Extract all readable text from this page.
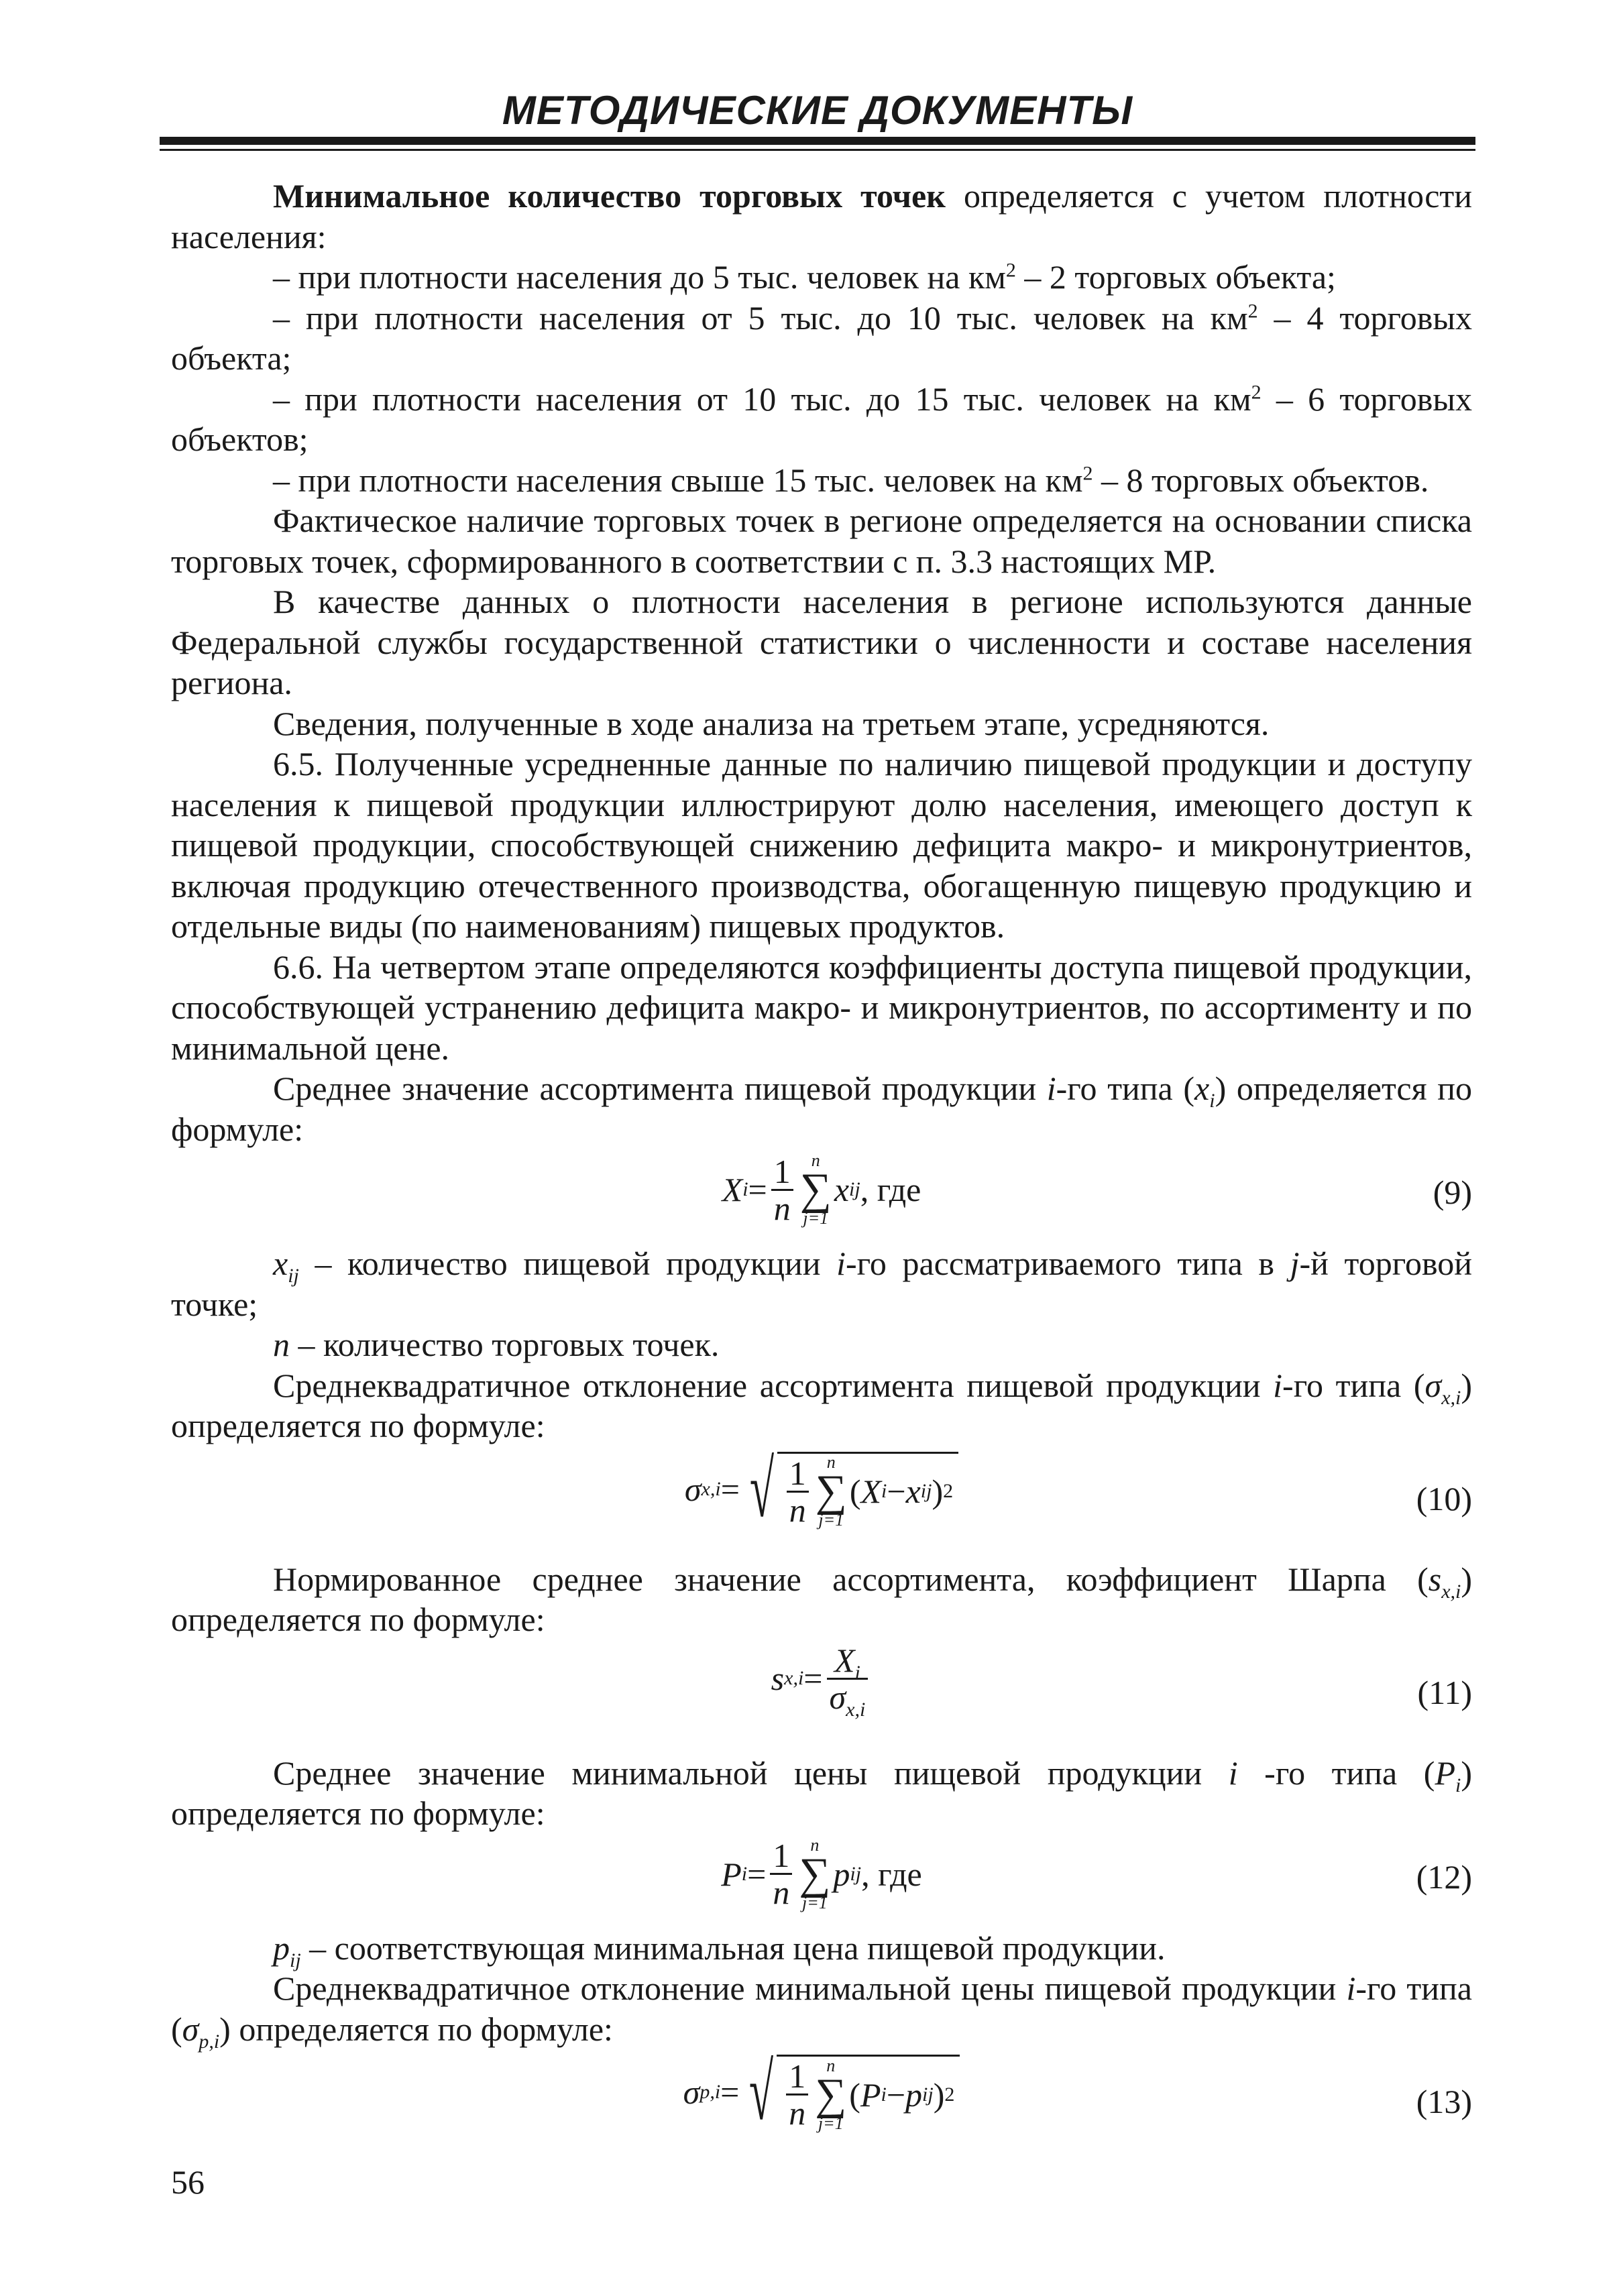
МЕТОДИЧЕСКИЕ ДОКУМЕНТЫ

Минимальное количество торговых точек определяется с учетом плотности населения:

– при плотности населения до 5 тыс. человек на $км^2 - 2$ торговых объекта;

– при плотности населения от 5 тыс. до 10 тыс. человек на $км^2 - 4$ торговых объекта;

– при плотности населения от 10 тыс. до 15 тыс. человек на $км^2 - 6$ торговых объектов;

– при плотности населения свыше 15 тыс. человек на $км^2 - 8$ торговых объектов.

Фактическое наличие торговых точек в регионе определяется на основании списка торговых точек, сформированного в соответствии с п. 3.3 настоящих МР.

В качестве данных о плотности населения в регионе используются данные Федеральной службы государственной статистики о численности и составе населения региона.

Сведения, полученные в ходе анализа на третьем этапе, усредняются.

6.5. Полученные усредненные данные по наличию пищевой продукции и доступу населения к пищевой продукции иллюстрируют долю населения, имеющего доступ к пищевой продукции, способствующей снижению дефицита макро- и микронутриентов, включая продукцию отечественного производства, обогащенную пищевую продукцию и отдельные виды (по наименованиям) пищевых продуктов.

6.6. На четвертом этапе определяются коэффициенты доступа пищевой продукции, способствующей устранению дефицита макро- и микронутриентов, по ассортименту и по минимальной цене.

Среднее значение ассортимента пищевой продукции i-го типа $(x_i)$ определяется по формуле:

X $i = \frac{1}{n}$ n
∑
j=1
x ij , где	(9)

$x_{ij}$ – количество пищевой продукции i-го рассматриваемого типа в j-й торговой точке;

n – количество торговых точек.

Среднеквадратичное отклонение ассортимента пищевой продукции i-го типа $(\sigma_{x,i})$ определяется по формуле:

σ x,i = √ $\frac{1}{n}$ n
∑
j=1
( X i − x ij ) 2	(10)

Нормированное среднее значение ассортимента, коэффициент Шарпа $(s_{x,i})$ определяется по формуле:

s $x,i = \frac{X_i}{\sigma_{x,i}}$	(11)

Среднее значение минимальной цены пищевой продукции i -го типа $(P_i)$ определяется по формуле:

P $i = \frac{1}{n}$ n
∑
j=1
p ij , где	(12)

$p_{ij}$ – соответствующая минимальная цена пищевой продукции.

Среднеквадратичное отклонение минимальной цены пищевой продукции i-го типа $(\sigma_{p,i})$ определяется по формуле:

σ p,i = √ $\frac{1}{n}$ n
∑
j=1
( P i − p ij ) 2	(13)
56
